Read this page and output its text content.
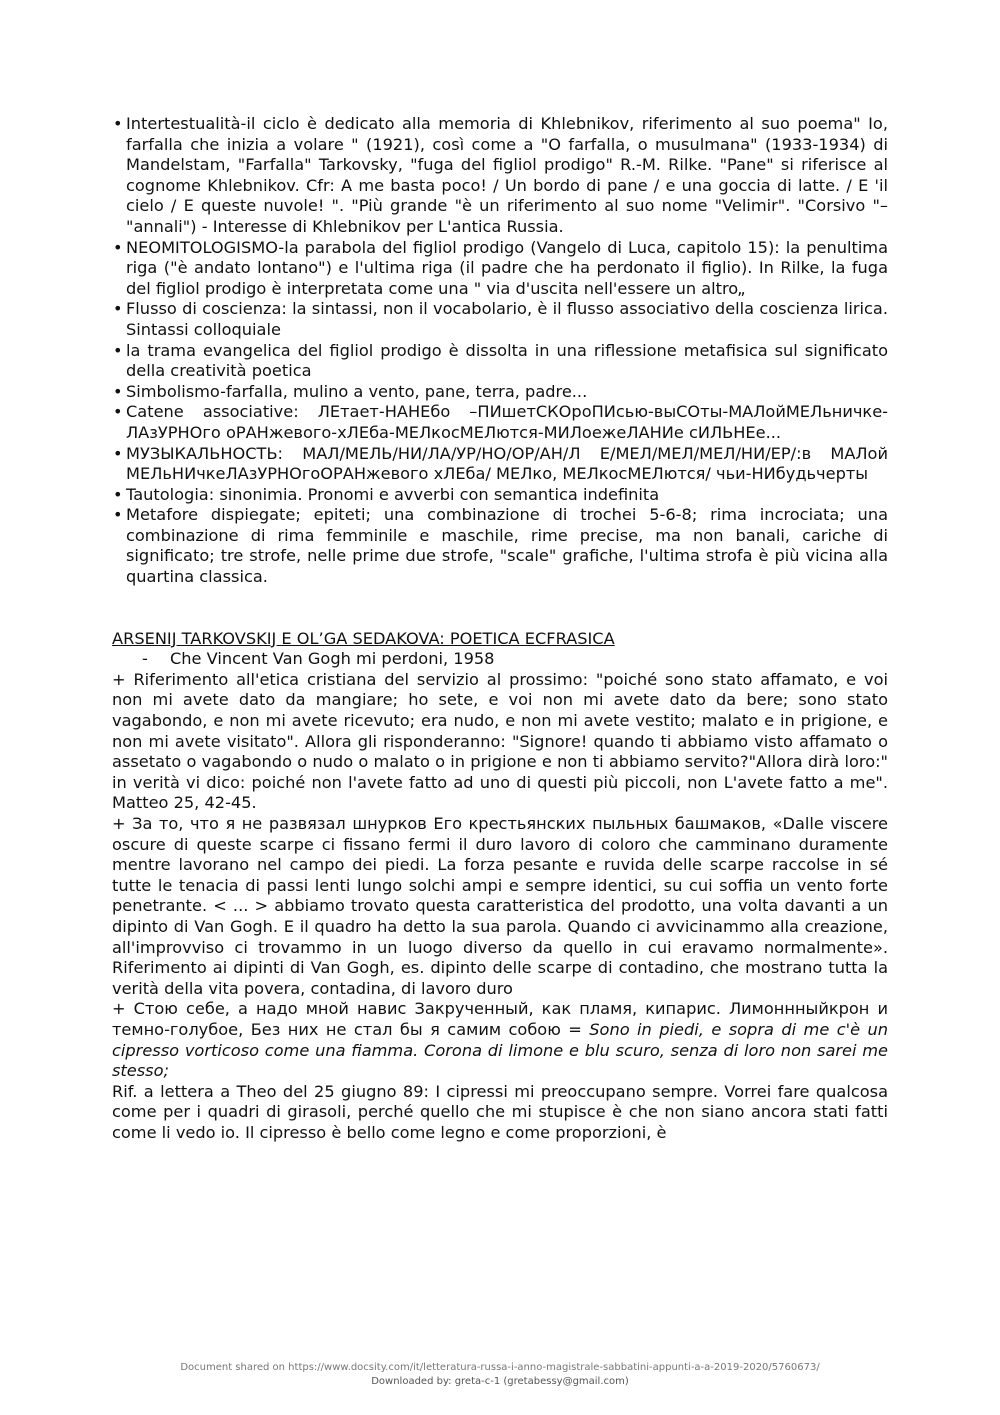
• Intertestualità-il ciclo è dedicato alla memoria di Khlebnikov, riferimento al suo poema" Io, farfalla che inizia a volare " (1921), così come a "O farfalla, o musulmana" (1933-1934) di Mandelstam, "Farfalla" Tarkovsky, "fuga del figliol prodigo" R.-M. Rilke. "Pane" si riferisce al cognome Khlebnikov. Cfr: A me basta poco! / Un bordo di pane / e una goccia di latte. / E 'il cielo / E queste nuvole! ". "Più grande "è un riferimento al suo nome "Velimir". "Corsivo "– "annali") - Interesse di Khlebnikov per L'antica Russia.
• NEOMITOLOGISMO-la parabola del figliol prodigo (Vangelo di Luca, capitolo 15): la penultima riga ("è andato lontano") e l'ultima riga (il padre che ha perdonato il figlio). In Rilke, la fuga del figliol prodigo è interpretata come una " via d'uscita nell'essere un altro„
• Flusso di coscienza: la sintassi, non il vocabolario, è il flusso associativo della coscienza lirica. Sintassi colloquiale
• la trama evangelica del figliol prodigo è dissolta in una riflessione metafisica sul significato della creatività poetica
• Simbolismo-farfalla, mulino a vento, pane, terra, padre...
• Catene associative: ЛЕтает-НАНЕбо –ПИшетСКОроПИсью-выСОты-МАЛойМЕЛьничке-ЛАзУРНОго оРАНжевого-хЛЕба-МЕЛкосМЕЛются-МИЛоежеЛАНИе сИЛЬНЕе...
• МУЗЫКАЛЬНОСТЬ: МАЛ/МЕЛЬ/НИ/ЛА/УР/НО/ОР/АН/Л Е/МЕЛ/МЕЛ/МЕЛ/НИ/ЕР/:в МАЛой МЕЛьНИчкеЛАзУРНОгоОРАНжевого хЛЕба/ МЕЛко, МЕЛкосМЕЛются/ чьи-НИбудьчерты
• Tautologia: sinonimia. Pronomi e avverbi con semantica indefinita
• Metafore dispiegate; epiteti; una combinazione di trochei 5-6-8; rima incrociata; una combinazione di rima femminile e maschile, rime precise, ma non banali, cariche di significato; tre strofe, nelle prime due strofe, "scale" grafiche, l'ultima strofa è più vicina alla quartina classica.
ARSENIJ TARKOVSKIJ E OL’GA SEDAKOVA: POETICA ECFRASICA
-	Che Vincent Van Gogh mi perdoni, 1958

+ Riferimento all'etica cristiana del servizio al prossimo: "poiché sono stato affamato, e voi non mi avete dato da mangiare; ho sete, e voi non mi avete dato da bere; sono stato vagabondo, e non mi avete ricevuto; era nudo, e non mi avete vestito; malato e in prigione, e non mi avete visitato". Allora gli risponderanno: "Signore! quando ti abbiamo visto affamato o assetato o vagabondo o nudo o malato o in prigione e non ti abbiamo servito?"Allora dirà loro:" in verità vi dico: poiché non l'avete fatto ad uno di questi più piccoli, non L'avete fatto a me". Matteo 25, 42-45.

+ За то, что я не развязал шнурков Его крестьянских пыльных башмаков, «Dalle viscere oscure di queste scarpe ci fissano fermi il duro lavoro di coloro che camminano duramente mentre lavorano nel campo dei piedi. La forza pesante e ruvida delle scarpe raccolse in sé tutte le tenacia di passi lenti lungo solchi ampi e sempre identici, su cui soffia un vento forte penetrante. < ... > abbiamo trovato questa caratteristica del prodotto, una volta davanti a un dipinto di Van Gogh. E il quadro ha detto la sua parola. Quando ci avvicinammo alla creazione, all'improvviso ci trovammo in un luogo diverso da quello in cui eravamo normalmente». Riferimento ai dipinti di Van Gogh, es. dipinto delle scarpe di contadino, che mostrano tutta la verità della vita povera, contadina, di lavoro duro

+ Стою себе, а надо мной навис Закрученный, как пламя, кипарис. Лимоннныйкрон и темно-голубое, Без них не стал бы я самим собою = Sono in piedi, e sopra di me c'è un cipresso vorticoso come una fiamma. Corona di limone e blu scuro, senza di loro non sarei me stesso;

Rif. a lettera a Theo del 25 giugno 89: I cipressi mi preoccupano sempre. Vorrei fare qualcosa come per i quadri di girasoli, perché quello che mi stupisce è che non siano ancora stati fatti come li vedo io. Il cipresso è bello come legno e come proporzioni, è

Document shared on https://www.docsity.com/it/letteratura-russa-i-anno-magistrale-sabbatini-appunti-a-a-2019-2020/5760673/
Downloaded by: greta-c-1 (gretabessy@gmail.com)
